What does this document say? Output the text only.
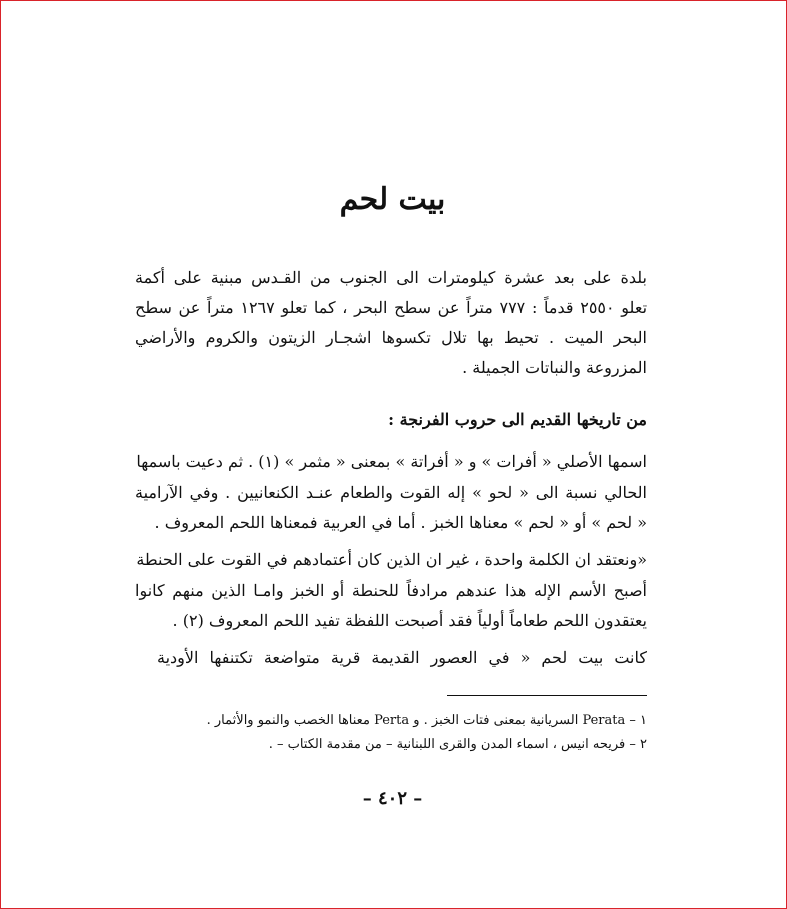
بيت لحم

بلدة على بعد عشرة كيلومترات الى الجنوب من القـدس مبنية على أكمة

تعلو ٢٥٥٠ قدماً : ٧٧٧ متراً عن سطح البحر ، كما تعلو ١٢٦٧ متراً عن سطح

البحر الميت . تحيط بها تلال تكسوها اشجـار الزيتون والكروم والأراضي

المزروعة والنباتات الجميلة .

من تاريخها القديم الى حروب الفرنجة :

اسمها الأصلي « أفرات » و « أفراتة » بمعنى « مثمر » (١) . ثم دعيت باسمها

الحالي نسبة الى « لحو » إله القوت والطعام عنـد الكنعانيين . وفي الآرامية

« لحم » أو « لحم » معناها الخبز . أما في العربية فمعناها اللحم المعروف .

«ونعتقد ان الكلمة واحدة ، غير ان الذين كان أعتمادهم في القوت على الحنطة

أصبح الأسم الإله هذا عندهم مرادفاً للحنطة أو الخبز وامـا الذين منهم كانوا

يعتقدون اللحم طعاماً أولياً فقد أصبحت اللفظة تفيد اللحم المعروف (٢) .

كانت بيت لحم « في العصور القديمة قرية متواضعة تكتنفها الأودية

١ – Perata السريانية بمعنى فتات الخبز . و Perta معناها الخصب والنمو والأثمار .

٢ – فريحه انيس ، اسماء المدن والقرى اللبنانية – من مقدمة الكتاب – .

– ٤٠٢ –
